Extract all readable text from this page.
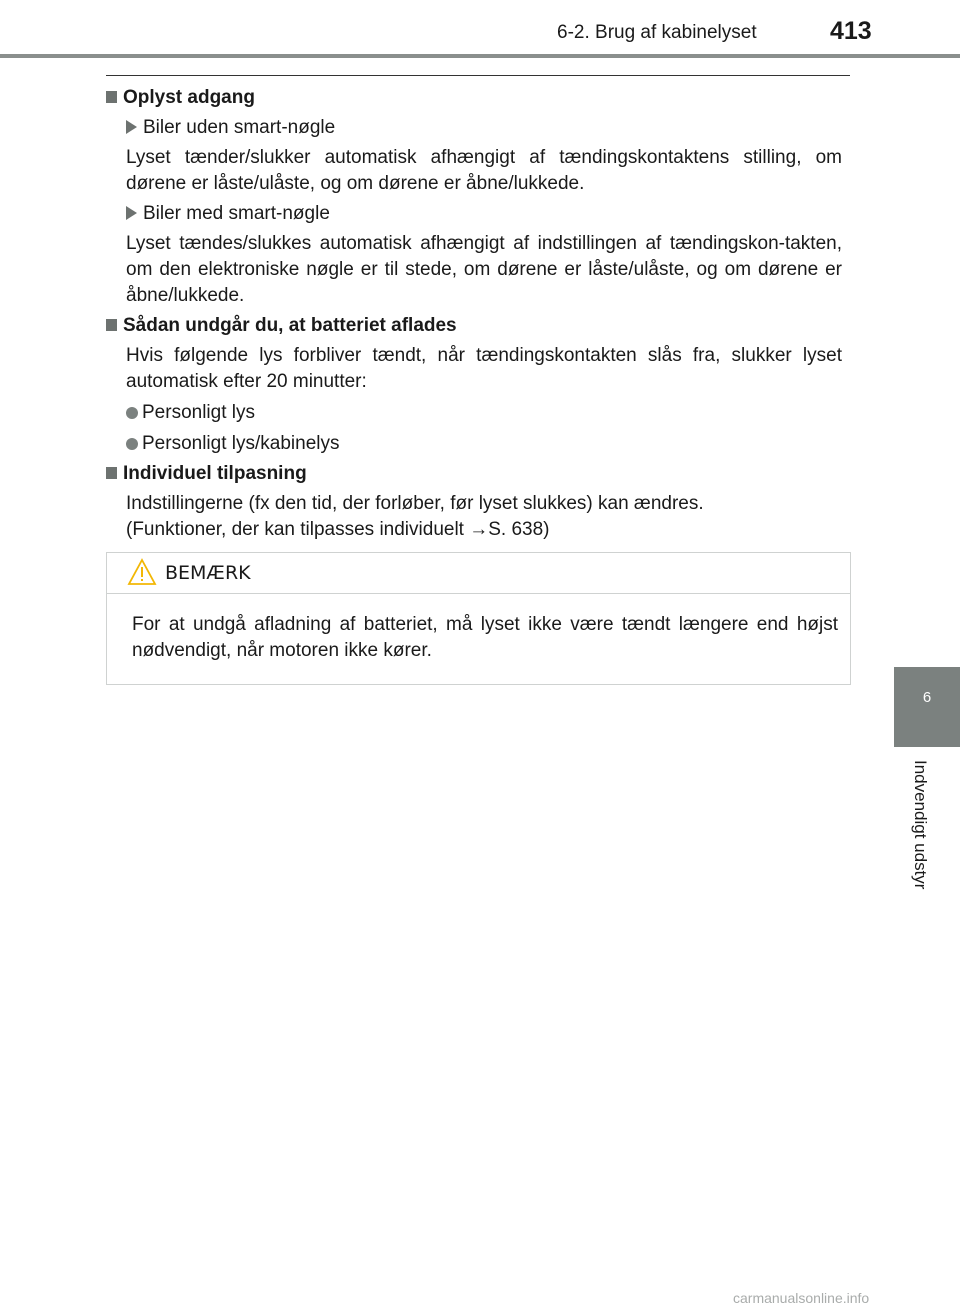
6-2. Brug af kabinelyset	413
6
Indvendigt udstyr

Oplyst adgang

Biler uden smart-nøgle

Lyset tænder/slukker automatisk afhængigt af tændingskontaktens stilling, om dørene er låste/ulåste, og om dørene er åbne/lukkede.

Biler med smart-nøgle

Lyset tændes/slukkes automatisk afhængigt af indstillingen af tændingskon-takten, om den elektroniske nøgle er til stede, om dørene er låste/ulåste, og om dørene er åbne/lukkede.

Sådan undgår du, at batteriet aflades

Hvis følgende lys forbliver tændt, når tændingskontakten slås fra, slukker lyset automatisk efter 20 minutter:

Personligt lys

Personligt lys/kabinelys

Individuel tilpasning

Indstillingerne (fx den tid, der forløber, før lyset slukkes) kan ændres.

(Funktioner, der kan tilpasses individuelt →S. 638)

BEMÆRK
For at undgå afladning af batteriet, må lyset ikke være tændt længere end højst nødvendigt, når motoren ikke kører.
carmanualsonline.info
